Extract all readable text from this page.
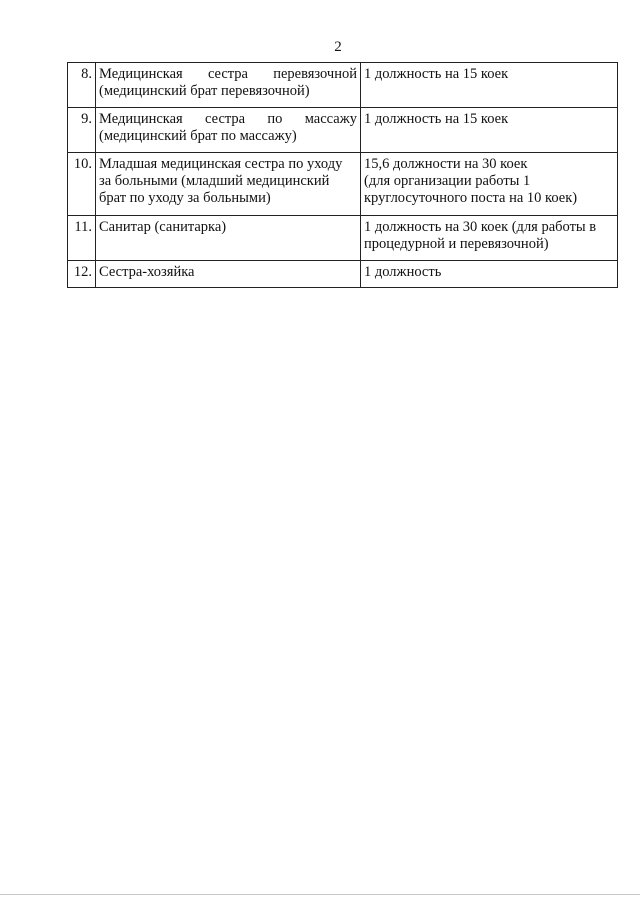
2
8.	Медицинская сестра перевязочной
(медицинский брат перевязочной)	1 должность на 15 коек

9.	Медицинская сестра по массажу
(медицинский брат по массажу)	1 должность на 15 коек

10.	Младшая медицинская сестра по уходу
за больными (младший медицинский
брат по уходу за больными)	15,6 должности на 30 коек
(для организации работы 1
круглосуточного поста на 10 коек)

11.	Санитар (санитарка)	1 должность на 30 коек (для работы в
процедурной и перевязочной)

12.	Сестра-хозяйка	1 должность
